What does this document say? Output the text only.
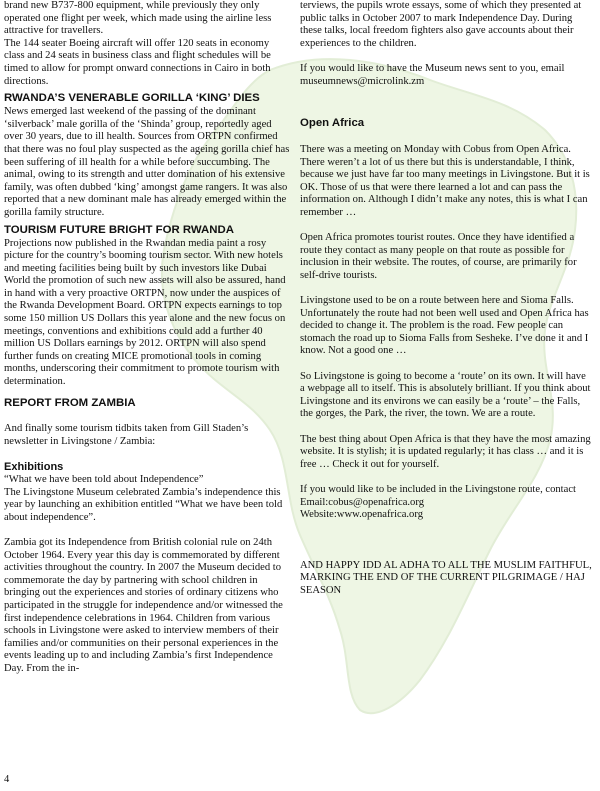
brand new B737-800 equipment, while previously they only operated one flight per week, which made using the airline less attractive for travellers.

The 144 seater Boeing aircraft will offer 120 seats in economy class and 24 seats in business class and flight schedules will be timed to allow for prompt onward connections in Cairo in both directions.

RWANDA’S VENERABLE GORILLA ‘KING’ DIES

News emerged last weekend of the passing of the dominant ‘silverback’ male gorilla of the ‘Shinda’ group, reportedly aged over 30 years, due to ill health. Sources from ORTPN confirmed that there was no foul play suspected as the ageing gorilla chief has been suffering of ill health for a while before succumbing. The animal, owing to its strength and utter domination of his extensive family, was often dubbed ‘king’ amongst game rangers. It was also reported that a new dominant male has already emerged within the gorilla family structure.

TOURISM FUTURE BRIGHT FOR RWANDA

Projections now published in the Rwandan media paint a rosy picture for the country’s booming tourism sector. With new hotels and meeting facilities being built by such investors like Dubai World the promotion of such new assets will also be assured, hand in hand with a very proactive ORTPN, now under the auspices of the Rwanda Development Board. ORTPN expects earnings to top some 150 million US Dollars this year alone and the new focus on meetings, conventions and exhibitions could add a further 40 million US Dollars earnings by 2012. ORTPN will also spend further funds on creating MICE promotional tools in coming months, underscoring their commitment to promote tourism with determination.

REPORT FROM ZAMBIA

And finally some tourism tidbits taken from Gill Staden’s newsletter in Livingstone / Zambia:

Exhibitions

“What we have been told about Independence”

The Livingstone Museum celebrated Zambia’s independence this year by launching an exhibition entitled “What we have been told about independence”.

Zambia got its Independence from British colonial rule on 24th October 1964. Every year this day is commemorated by different activities throughout the country. In 2007 the Museum decided to commemorate the day by partnering with school children in bringing out the experiences and stories of ordinary citizens who participated in the struggle for independence and/or witnessed the first independence celebrations in 1964. Children from various schools in Livingstone were asked to interview members of their families and/or communities on their personal experiences in the events leading up to and including Zambia’s first Independence Day. From the in-

terviews, the pupils wrote essays, some of which they presented at public talks in October 2007 to mark Independence Day. During these talks, local freedom fighters also gave accounts about their experiences to the children.

If you would like to have the Museum news sent to you, email museumnews@microlink.zm

Open Africa

There was a meeting on Monday with Cobus from Open Africa. There weren’t a lot of us there but this is understandable, I think, because we just have far too many meetings in Livingstone. But it is OK. Those of us that were there learned a lot and can pass the information on. Although I didn’t make any notes, this is what I can remember …

Open Africa promotes tourist routes. Once they have identified a route they contact as many people on that route as possible for inclusion in their website. The routes, of course, are primarily for self-drive tourists.

Livingstone used to be on a route between here and Sioma Falls. Unfortunately the route had not been well used and Open Africa has decided to change it. The problem is the road. Few people can stomach the road up to Sioma Falls from Sesheke. I’ve done it and I know. Not a good one …

So Livingstone is going to become a ‘route’ on its own. It will have a webpage all to itself. This is absolutely brilliant. If you think about Livingstone and its environs we can easily be a ‘route’ – the Falls, the gorges, the Park, the river, the town. We are a route.

The best thing about Open Africa is that they have the most amazing website. It is stylish; it is updated regularly; it has class … and it is free … Check it out for yourself.

If you would like to be included in the Livingstone route, contact

Email:cobus@openafrica.org

Website:www.openafrica.org

AND HAPPY IDD AL ADHA TO ALL THE MUSLIM FAITHFUL, MARKING THE END OF THE CURRENT PILGRIMAGE / HAJ SEASON

4
